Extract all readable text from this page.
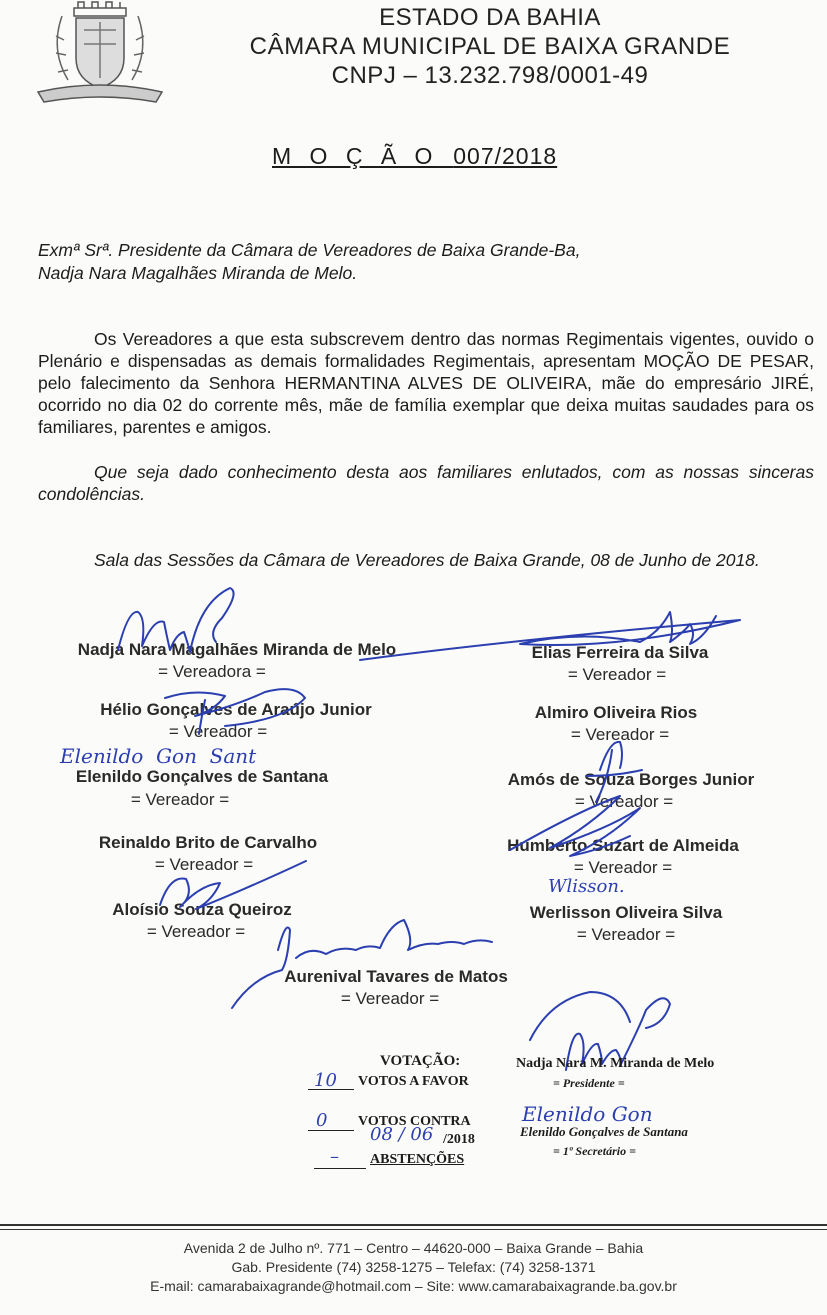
ESTADO DA BAHIA
CÂMARA MUNICIPAL DE BAIXA GRANDE
CNPJ – 13.232.798/0001-49
M O Ç Ã O 007/2018
Exmª Srª. Presidente da Câmara de Vereadores de Baixa Grande-Ba,
Nadja Nara Magalhães Miranda de Melo.
Os Vereadores a que esta subscrevem dentro das normas Regimentais vigentes, ouvido o Plenário e dispensadas as demais formalidades Regimentais, apresentam MOÇÃO DE PESAR, pelo falecimento da Senhora HERMANTINA ALVES DE OLIVEIRA, mãe do empresário JIRÉ, ocorrido no dia 02 do corrente mês, mãe de família exemplar que deixa muitas saudades para os familiares, parentes e amigos.
Que seja dado conhecimento desta aos familiares enlutados, com as nossas sinceras condolências.
Sala das Sessões da Câmara de Vereadores de Baixa Grande, 08 de Junho de 2018.
Nadja Nara Magalhães Miranda de Melo
= Vereadora =
Elias Ferreira da Silva
= Vereador =
Hélio Gonçalves de Araújo Junior
= Vereador =
Almiro Oliveira Rios
= Vereador =
Elenildo Gonçalves de Santana
= Vereador =
Amós de Souza Borges Junior
= Vereador =
Reinaldo Brito de Carvalho
= Vereador =
Humberto Suzart de Almeida
= Vereador =
Aloísio Souza Queiroz
= Vereador =
Werlisson Oliveira Silva
= Vereador =
Aurenival Tavares de Matos
= Vereador =
Elenildo  Gon  Sant
Wlisson.
Elenildo Gon
VOTAÇÃO:
10 VOTOS A FAVOR
0 VOTOS CONTRA
08 / 06 /2018
– ABSTENÇÕES
Nadja Nara M. Miranda de Melo
= Presidente =
Elenildo Gonçalves de Santana
= 1º Secretário =
Avenida 2 de Julho nº. 771 – Centro – 44620-000 – Baixa Grande – Bahia
Gab. Presidente (74) 3258-1275 – Telefax: (74) 3258-1371
E-mail: camarabaixagrande@hotmail.com – Site: www.camarabaixagrande.ba.gov.br
